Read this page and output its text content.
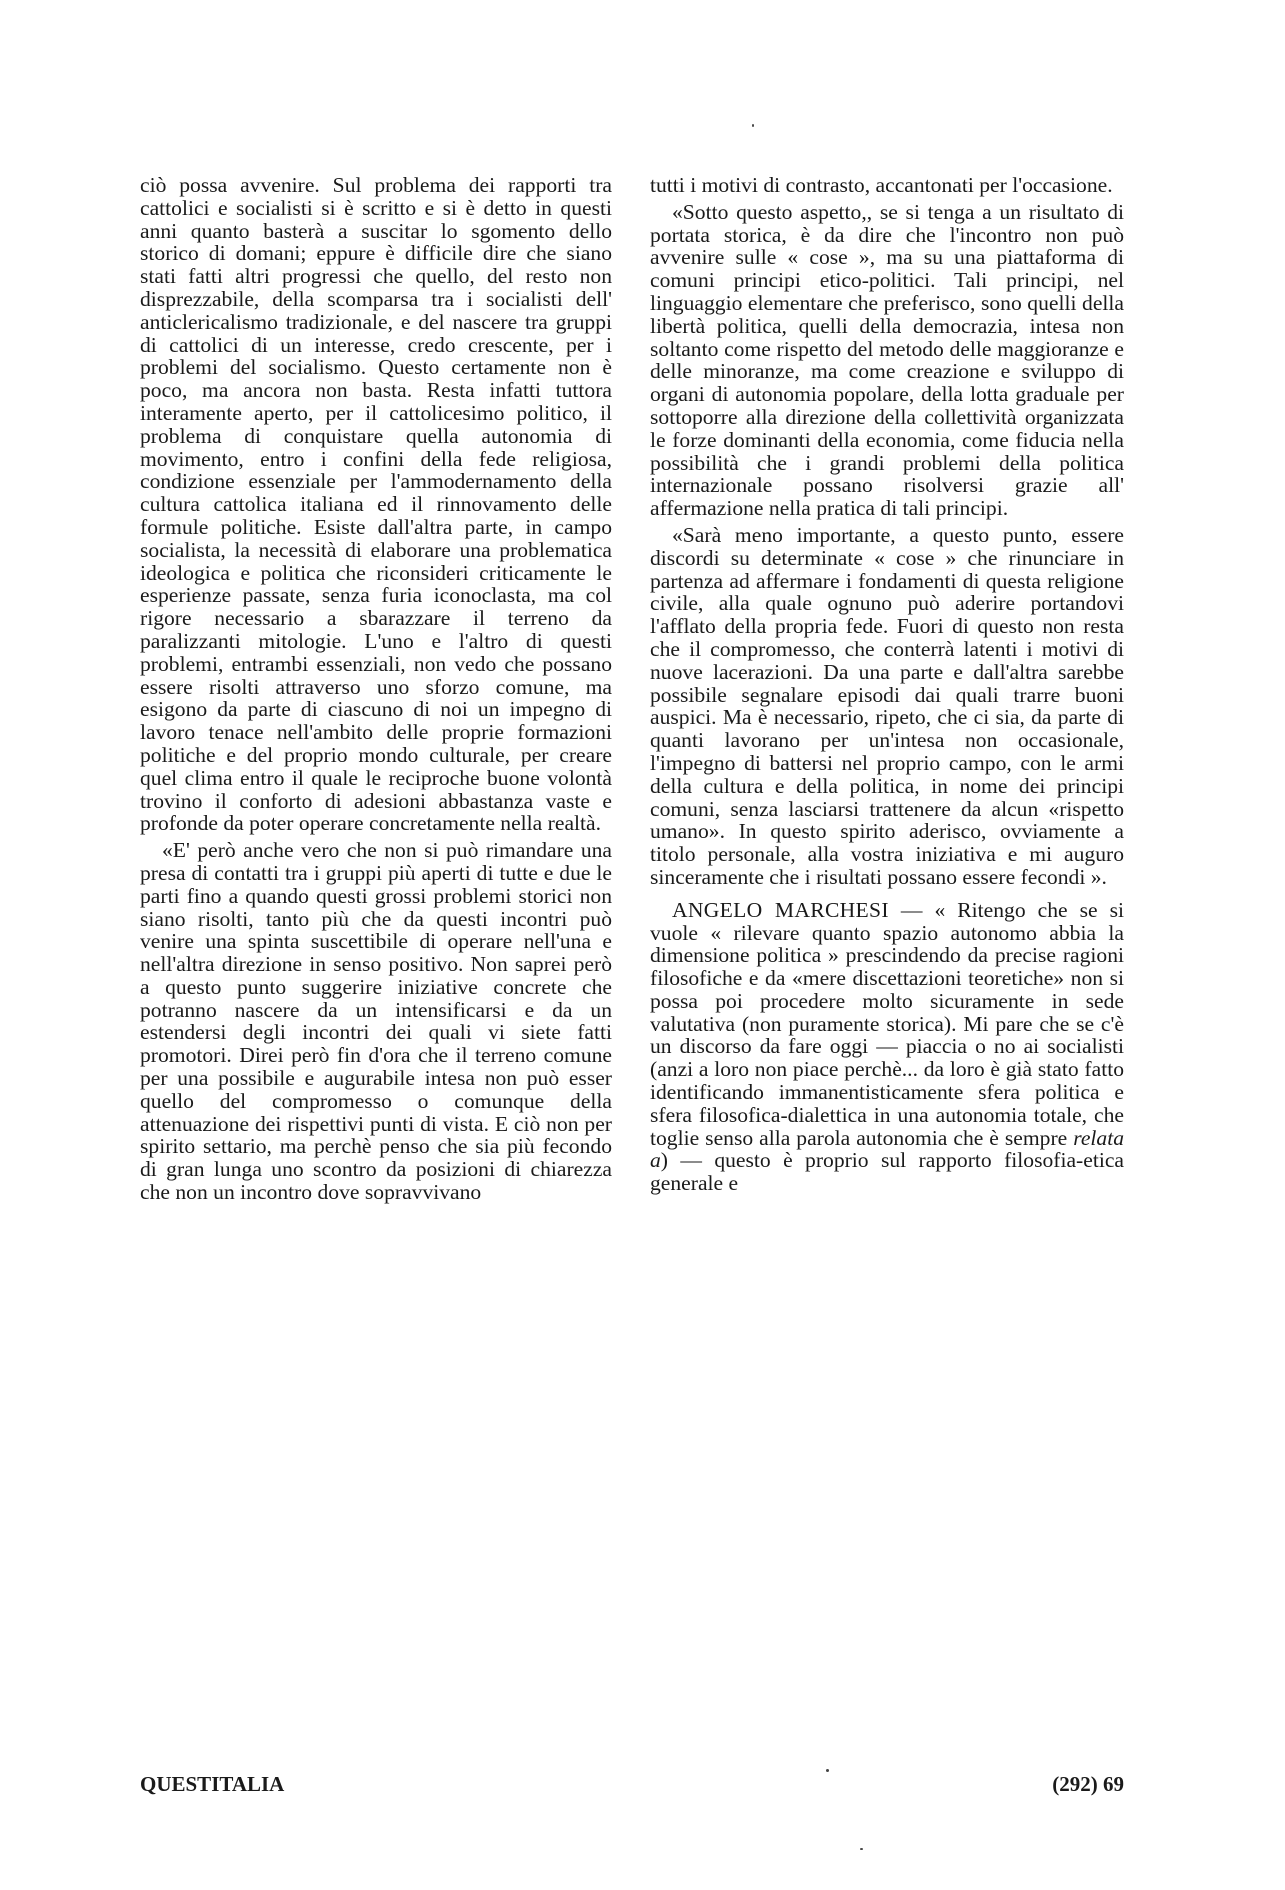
ciò possa avvenire. Sul problema dei rapporti tra cattolici e socialisti si è scritto e si è detto in questi anni quanto basterà a suscitar lo sgomento dello storico di domani; eppure è difficile dire che siano stati fatti altri progressi che quello, del resto non disprezzabile, della scomparsa tra i socialisti dell' anticlericalismo tradizionale, e del nascere tra gruppi di cattolici di un interesse, credo crescente, per i problemi del socialismo. Questo certamente non è poco, ma ancora non basta. Resta infatti tuttora interamente aperto, per il cattolicesimo politico, il problema di conquistare quella autonomia di movimento, entro i confini della fede religiosa, condizione essenziale per l'ammodernamento della cultura cattolica italiana ed il rinnovamento delle formule politiche. Esiste dall'altra parte, in campo socialista, la necessità di elaborare una problematica ideologica e politica che riconsideri criticamente le esperienze passate, senza furia iconoclasta, ma col rigore necessario a sbarazzare il terreno da paralizzanti mitologie. L'uno e l'altro di questi problemi, entrambi essenziali, non vedo che possano essere risolti attraverso uno sforzo comune, ma esigono da parte di ciascuno di noi un impegno di lavoro tenace nell'ambito delle proprie formazioni politiche e del proprio mondo culturale, per creare quel clima entro il quale le reciproche buone volontà trovino il conforto di adesioni abbastanza vaste e profonde da poter operare concretamente nella realtà.

«E' però anche vero che non si può rimandare una presa di contatti tra i gruppi più aperti di tutte e due le parti fino a quando questi grossi problemi storici non siano risolti, tanto più che da questi incontri può venire una spinta suscettibile di operare nell'una e nell'altra direzione in senso positivo. Non saprei però a questo punto suggerire iniziative concrete che potranno nascere da un intensificarsi e da un estendersi degli incontri dei quali vi siete fatti promotori. Direi però fin d'ora che il terreno comune per una possibile e augurabile intesa non può esser quello del compromesso o comunque della attenuazione dei rispettivi punti di vista. E ciò non per spirito settario, ma perchè penso che sia più fecondo di gran lunga uno scontro da posizioni di chiarezza che non un incontro dove sopravvivano

tutti i motivi di contrasto, accantonati per l'occasione.

«Sotto questo aspetto,, se si tenga a un risultato di portata storica, è da dire che l'incontro non può avvenire sulle « cose », ma su una piattaforma di comuni principi etico-politici. Tali principi, nel linguaggio elementare che preferisco, sono quelli della libertà politica, quelli della democrazia, intesa non soltanto come rispetto del metodo delle maggioranze e delle minoranze, ma come creazione e sviluppo di organi di autonomia popolare, della lotta graduale per sottoporre alla direzione della collettività organizzata le forze dominanti della economia, come fiducia nella possibilità che i grandi problemi della politica internazionale possano risolversi grazie all' affermazione nella pratica di tali principi.

«Sarà meno importante, a questo punto, essere discordi su determinate « cose » che rinunciare in partenza ad affermare i fondamenti di questa religione civile, alla quale ognuno può aderire portandovi l'afflato della propria fede. Fuori di questo non resta che il compromesso, che conterrà latenti i motivi di nuove lacerazioni. Da una parte e dall'altra sarebbe possibile segnalare episodi dai quali trarre buoni auspici. Ma è necessario, ripeto, che ci sia, da parte di quanti lavorano per un'intesa non occasionale, l'impegno di battersi nel proprio campo, con le armi della cultura e della politica, in nome dei principi comuni, senza lasciarsi trattenere da alcun «rispetto umano». In questo spirito aderisco, ovviamente a titolo personale, alla vostra iniziativa e mi auguro sinceramente che i risultati possano essere fecondi ».

ANGELO MARCHESI — « Ritengo che se si vuole « rilevare quanto spazio autonomo abbia la dimensione politica » prescindendo da precise ragioni filosofiche e da «mere discettazioni teoretiche» non si possa poi procedere molto sicuramente in sede valutativa (non puramente storica). Mi pare che se c'è un discorso da fare oggi — piaccia o no ai socialisti (anzi a loro non piace perchè... da loro è già stato fatto identificando immanentisticamente sfera politica e sfera filosofica-dialettica in una autonomia totale, che toglie senso alla parola autonomia che è sempre relata a) — questo è proprio sul rapporto filosofia-etica generale e

QUESTITALIA	(292) 69
